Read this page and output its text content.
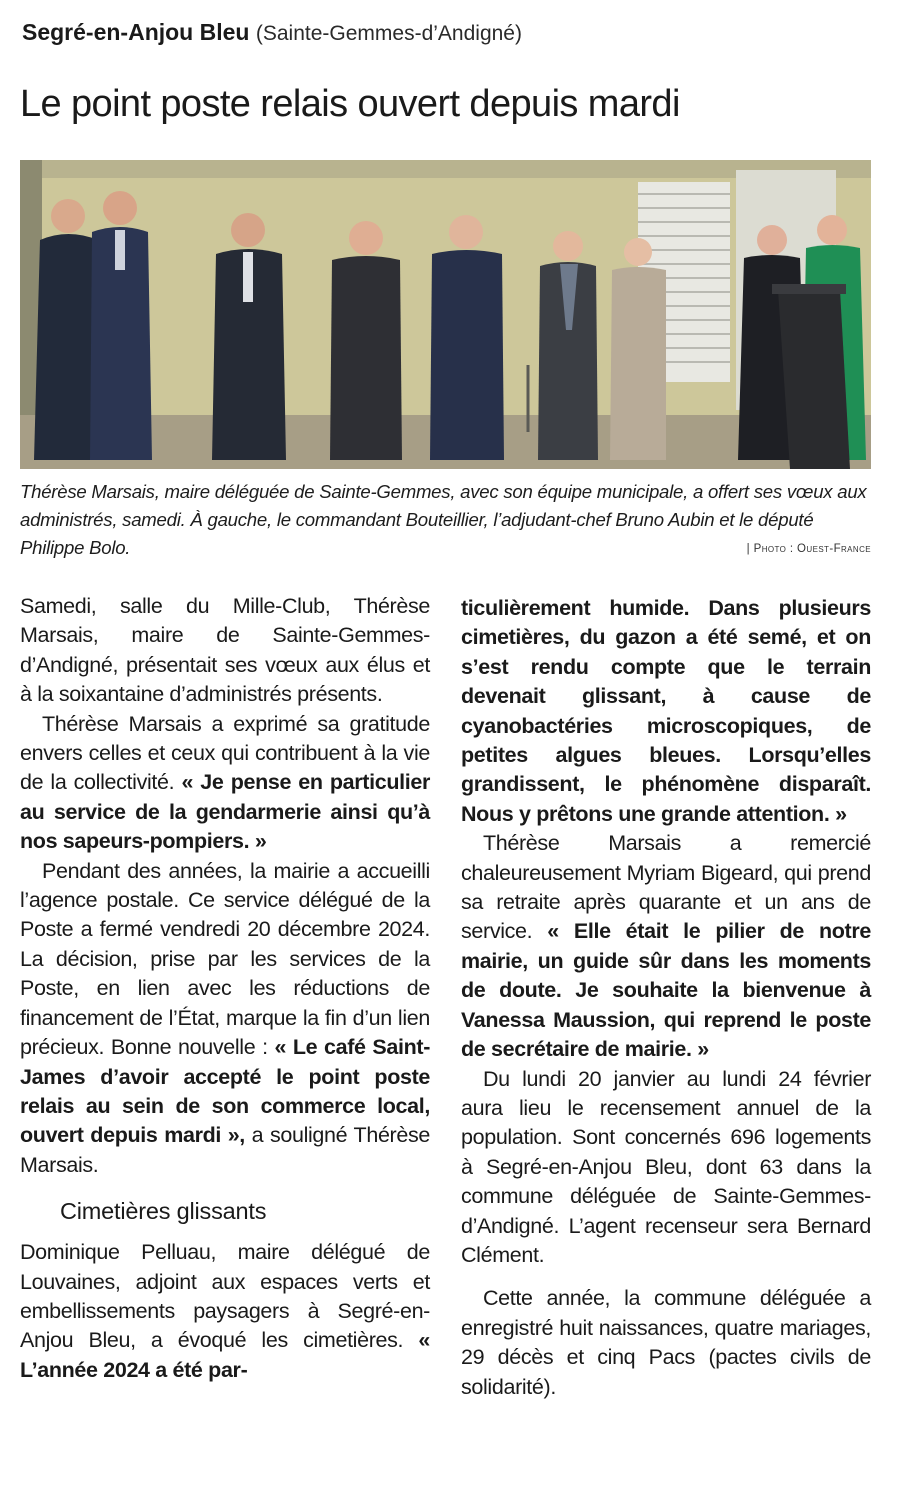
Segré-en-Anjou Bleu (Sainte-Gemmes-d’Andigné)
Le point poste relais ouvert depuis mardi
Thérèse Marsais, maire déléguée de Sainte-Gemmes, avec son équipe municipale, a offert ses vœux aux administrés, samedi. À gauche, le commandant Bouteillier, l’adjudant-chef Bruno Aubin et le député Philippe Bolo.	| Photo : Ouest-France

Samedi, salle du Mille-Club, Thérèse Marsais, maire de Sainte-Gemmes-d’Andigné, présentait ses vœux aux élus et à la soixantaine d’administrés présents.

Thérèse Marsais a exprimé sa gratitude envers celles et ceux qui contribuent à la vie de la collectivité. « Je pense en particulier au service de la gendarmerie ainsi qu’à nos sapeurs-pompiers. »

Pendant des années, la mairie a accueilli l’agence postale. Ce service délégué de la Poste a fermé vendredi 20 décembre 2024. La décision, prise par les services de la Poste, en lien avec les réductions de financement de l’État, marque la fin d’un lien précieux. Bonne nouvelle : « Le café Saint-James d’avoir accepté le point poste relais au sein de son commerce local, ouvert depuis mardi », a souligné Thérèse Marsais.

Cimetières glissants

Dominique Pelluau, maire délégué de Louvaines, adjoint aux espaces verts et embellissements paysagers à Segré-en-Anjou Bleu, a évoqué les cimetières. « L’année 2024 a été par-

ticulièrement humide. Dans plusieurs cimetières, du gazon a été semé, et on s’est rendu compte que le terrain devenait glissant, à cause de cyanobactéries microscopiques, de petites algues bleues. Lorsqu’elles grandissent, le phénomène disparaît. Nous y prêtons une grande attention. »

Thérèse Marsais a remercié chaleureusement Myriam Bigeard, qui prend sa retraite après quarante et un ans de service. « Elle était le pilier de notre mairie, un guide sûr dans les moments de doute. Je souhaite la bienvenue à Vanessa Maussion, qui reprend le poste de secrétaire de mairie. »

Du lundi 20 janvier au lundi 24 février aura lieu le recensement annuel de la population. Sont concernés 696 logements à Segré-en-Anjou Bleu, dont 63 dans la commune déléguée de Sainte-Gemmes-d’Andigné. L’agent recenseur sera Bernard Clément.

Cette année, la commune déléguée a enregistré huit naissances, quatre mariages, 29 décès et cinq Pacs (pactes civils de solidarité).
